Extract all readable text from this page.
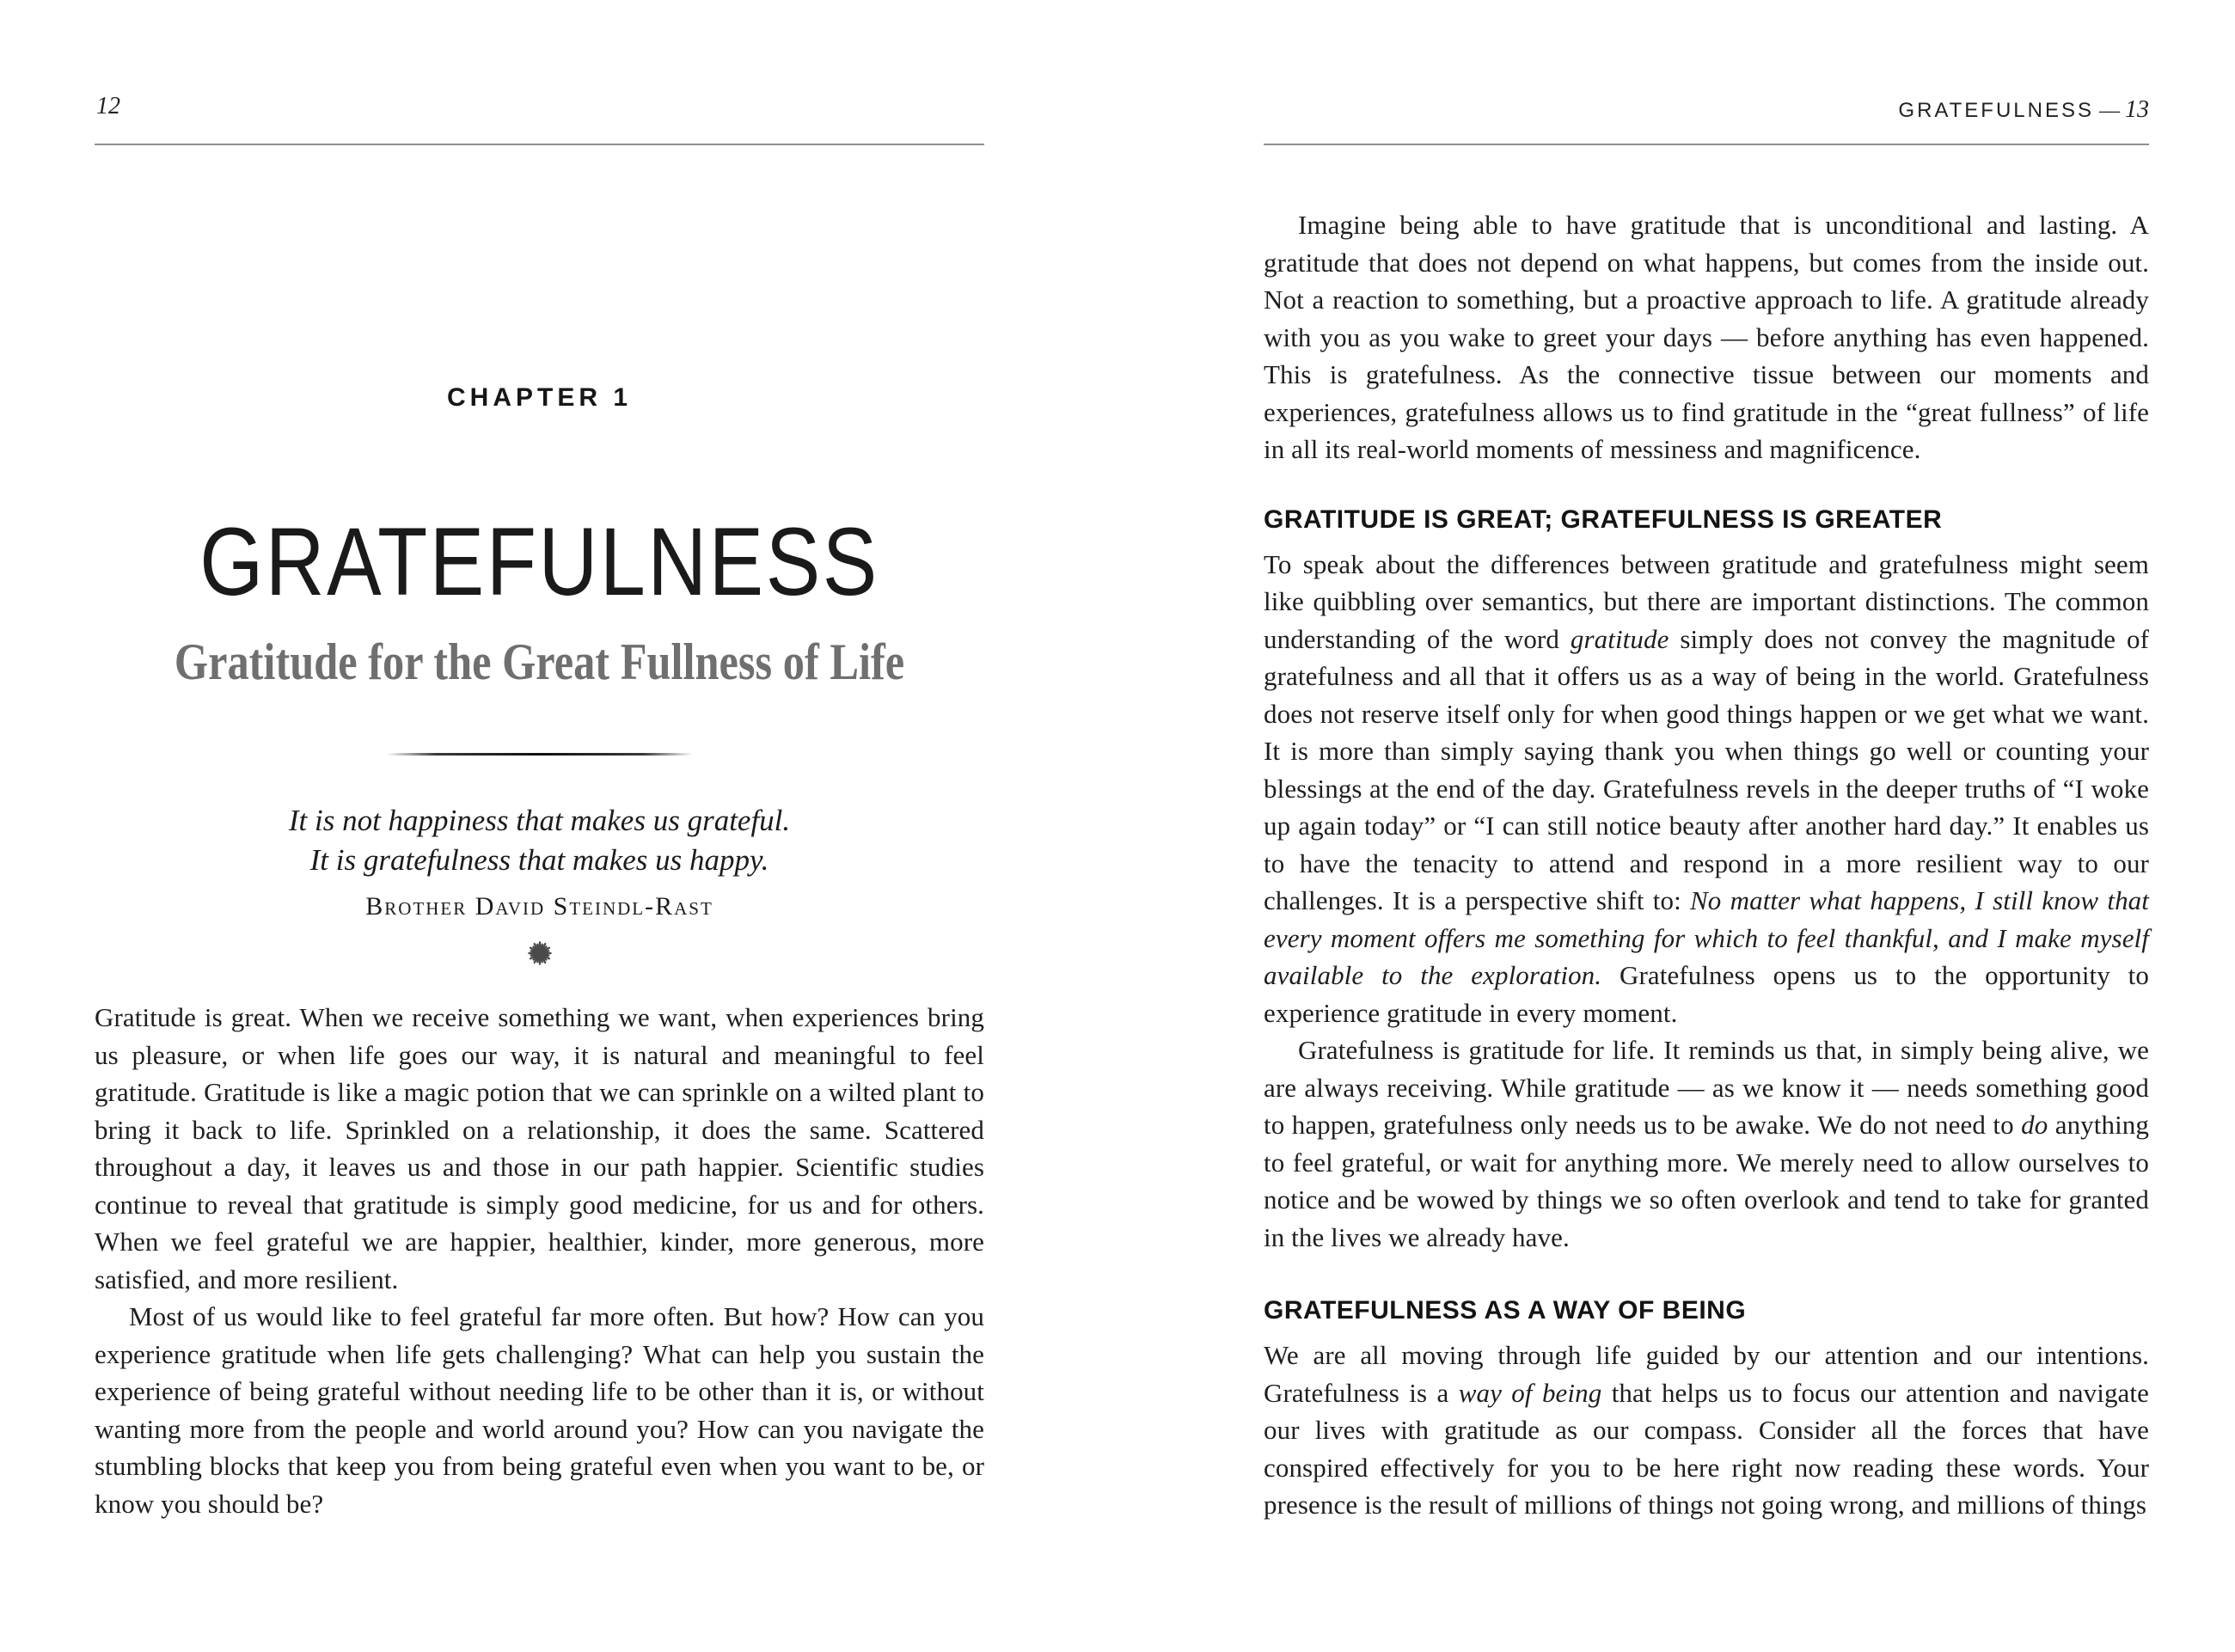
12
CHAPTER 1
GRATEFULNESS
Gratitude for the Great Fullness of Life

It is not happiness that makes us grateful.

It is gratefulness that makes us happy.

Brother David Steindl-Rast

Gratitude is great. When we receive something we want, when experiences bring us pleasure, or when life goes our way, it is natural and meaningful to feel gratitude. Gratitude is like a magic potion that we can sprinkle on a wilted plant to bring it back to life. Sprinkled on a relationship, it does the same. Scattered throughout a day, it leaves us and those in our path happier. Scientific studies continue to reveal that gratitude is simply good medicine, for us and for others. When we feel grateful we are happier, healthier, kinder, more generous, more satisfied, and more resilient.

Most of us would like to feel grateful far more often. But how? How can you experience gratitude when life gets challenging? What can help you sustain the experience of being grateful without needing life to be other than it is, or without wanting more from the people and world around you? How can you navigate the stumbling blocks that keep you from being grateful even when you want to be, or know you should be?

GRATEFULNESS — 13

Imagine being able to have gratitude that is unconditional and lasting. A gratitude that does not depend on what happens, but comes from the inside out. Not a reaction to something, but a proactive approach to life. A gratitude already with you as you wake to greet your days — before anything has even happened. This is gratefulness. As the connective tissue between our moments and experiences, gratefulness allows us to find gratitude in the “great fullness” of life in all its real-world moments of messiness and magnificence.

GRATITUDE IS GREAT; GRATEFULNESS IS GREATER

To speak about the differences between gratitude and gratefulness might seem like quibbling over semantics, but there are important distinctions. The common understanding of the word gratitude simply does not convey the magnitude of gratefulness and all that it offers us as a way of being in the world. Gratefulness does not reserve itself only for when good things happen or we get what we want. It is more than simply saying thank you when things go well or counting your blessings at the end of the day. Gratefulness revels in the deeper truths of “I woke up again today” or “I can still notice beauty after another hard day.” It enables us to have the tenacity to attend and respond in a more resilient way to our challenges. It is a perspective shift to: No matter what happens, I still know that every moment offers me something for which to feel thankful, and I make myself available to the exploration. Gratefulness opens us to the opportunity to experience gratitude in every moment.

Gratefulness is gratitude for life. It reminds us that, in simply being alive, we are always receiving. While gratitude — as we know it — needs something good to happen, gratefulness only needs us to be awake. We do not need to do anything to feel grateful, or wait for anything more. We merely need to allow ourselves to notice and be wowed by things we so often overlook and tend to take for granted in the lives we already have.

GRATEFULNESS AS A WAY OF BEING

We are all moving through life guided by our attention and our intentions. Gratefulness is a way of being that helps us to focus our attention and navigate our lives with gratitude as our compass. Consider all the forces that have conspired effectively for you to be here right now reading these words. Your presence is the result of millions of things not going wrong, and millions of things
